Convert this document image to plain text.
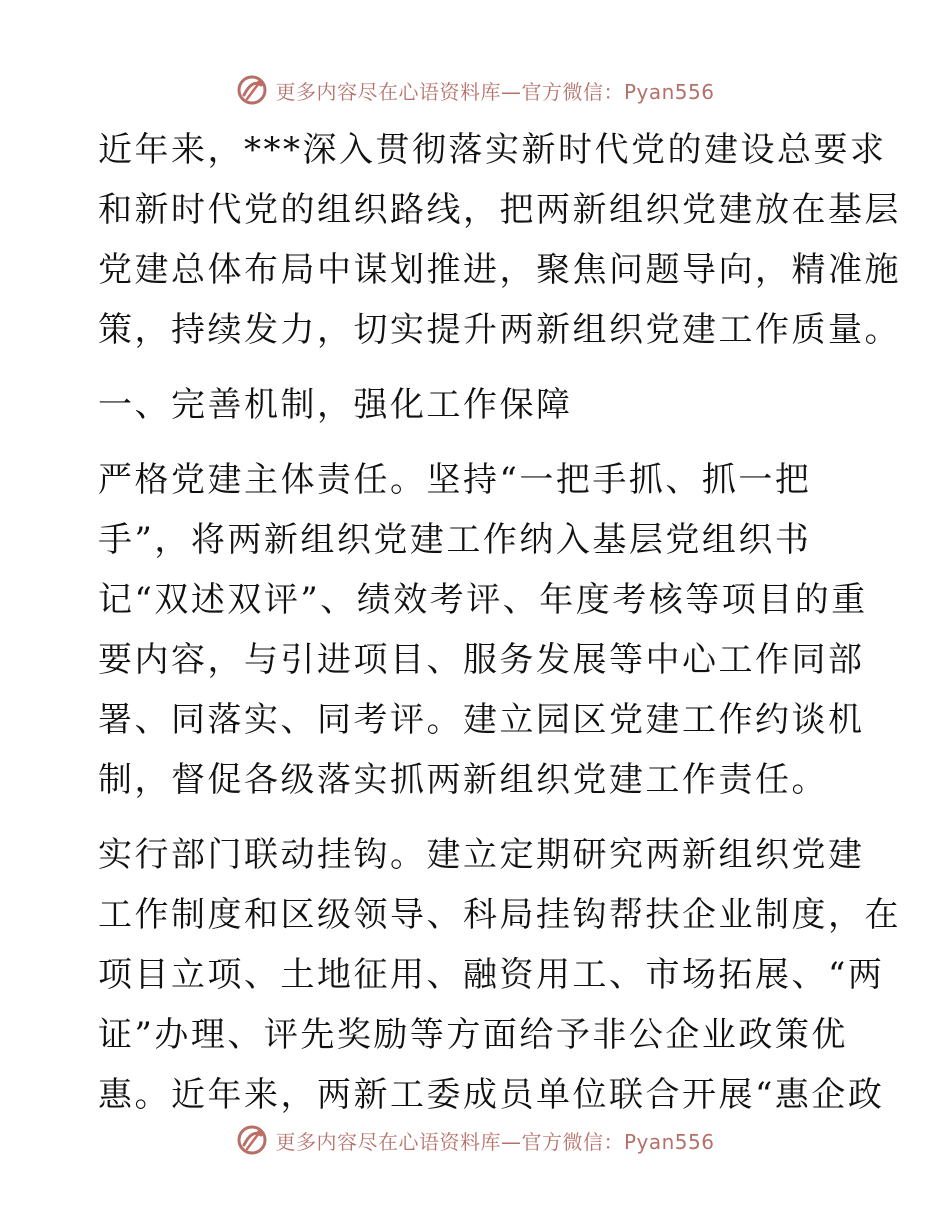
更多内容尽在心语资料库—官方微信：Pyan556
近年来，***深入贯彻落实新时代党的建设总要求
和新时代党的组织路线，把两新组织党建放在基层
党建总体布局中谋划推进，聚焦问题导向，精准施
策，持续发力，切实提升两新组织党建工作质量。
一、完善机制，强化工作保障
严格党建主体责任。坚持“一把手抓、抓一把
手”，将两新组织党建工作纳入基层党组织书
记“双述双评”、绩效考评、年度考核等项目的重
要内容，与引进项目、服务发展等中心工作同部
署、同落实、同考评。建立园区党建工作约谈机
制，督促各级落实抓两新组织党建工作责任。
实行部门联动挂钩。建立定期研究两新组织党建
工作制度和区级领导、科局挂钩帮扶企业制度，在
项目立项、土地征用、融资用工、市场拓展、“两
证”办理、评先奖励等方面给予非公企业政策优
惠。近年来，两新工委成员单位联合开展“惠企政
更多内容尽在心语资料库—官方微信：Pyan556
